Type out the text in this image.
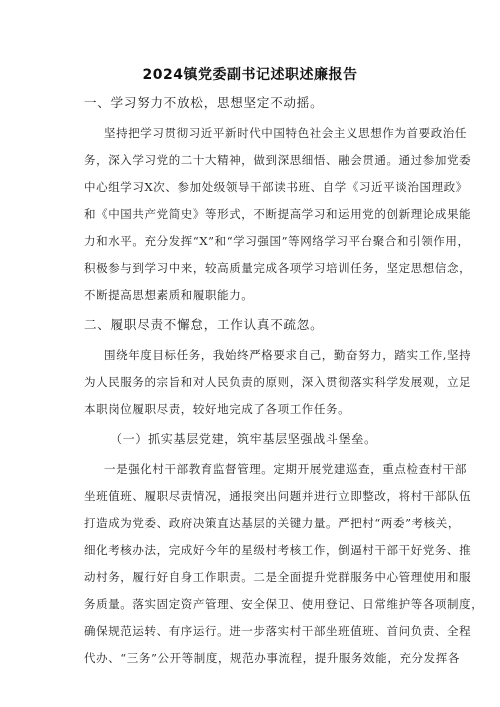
2024镇党委副书记述职述廉报告
一、学习努力不放松，思想坚定不动摇。
坚持把学习贯彻习近平新时代中国特色社会主义思想作为首要政治任
务，深入学习党的二十大精神，做到深思细悟、融会贯通。通过参加党委
中心组学习X次、参加处级领导干部读书班、自学《习近平谈治国理政》
和《中国共产党简史》等形式，不断提高学习和运用党的创新理论成果能
力和水平。充分发挥“X”和“学习强国”等网络学习平台聚合和引领作用，
积极参与到学习中来，较高质量完成各项学习培训任务，坚定思想信念，
不断提高思想素质和履职能力。
二、履职尽责不懈怠，工作认真不疏忽。
围绕年度目标任务，我始终严格要求自己，勤奋努力，踏实工作,坚持
为人民服务的宗旨和对人民负责的原则，深入贯彻落实科学发展观，立足
本职岗位履职尽责，较好地完成了各项工作任务。
（一）抓实基层党建，筑牢基层坚强战斗堡垒。
一是强化村干部教育监督管理。定期开展党建巡查，重点检查村干部
坐班值班、履职尽责情况，通报突出问题并进行立即整改，将村干部队伍
打造成为党委、政府决策直达基层的关键力量。严把村“两委”考核关，
细化考核办法，完成好今年的星级村考核工作，倒逼村干部干好党务、推
动村务，履行好自身工作职责。二是全面提升党群服务中心管理使用和服
务质量。落实固定资产管理、安全保卫、使用登记、日常维护等各项制度，
确保规范运转、有序运行。进一步落实村干部坐班值班、首问负责、全程
代办、“三务”公开等制度，规范办事流程，提升服务效能，充分发挥各
